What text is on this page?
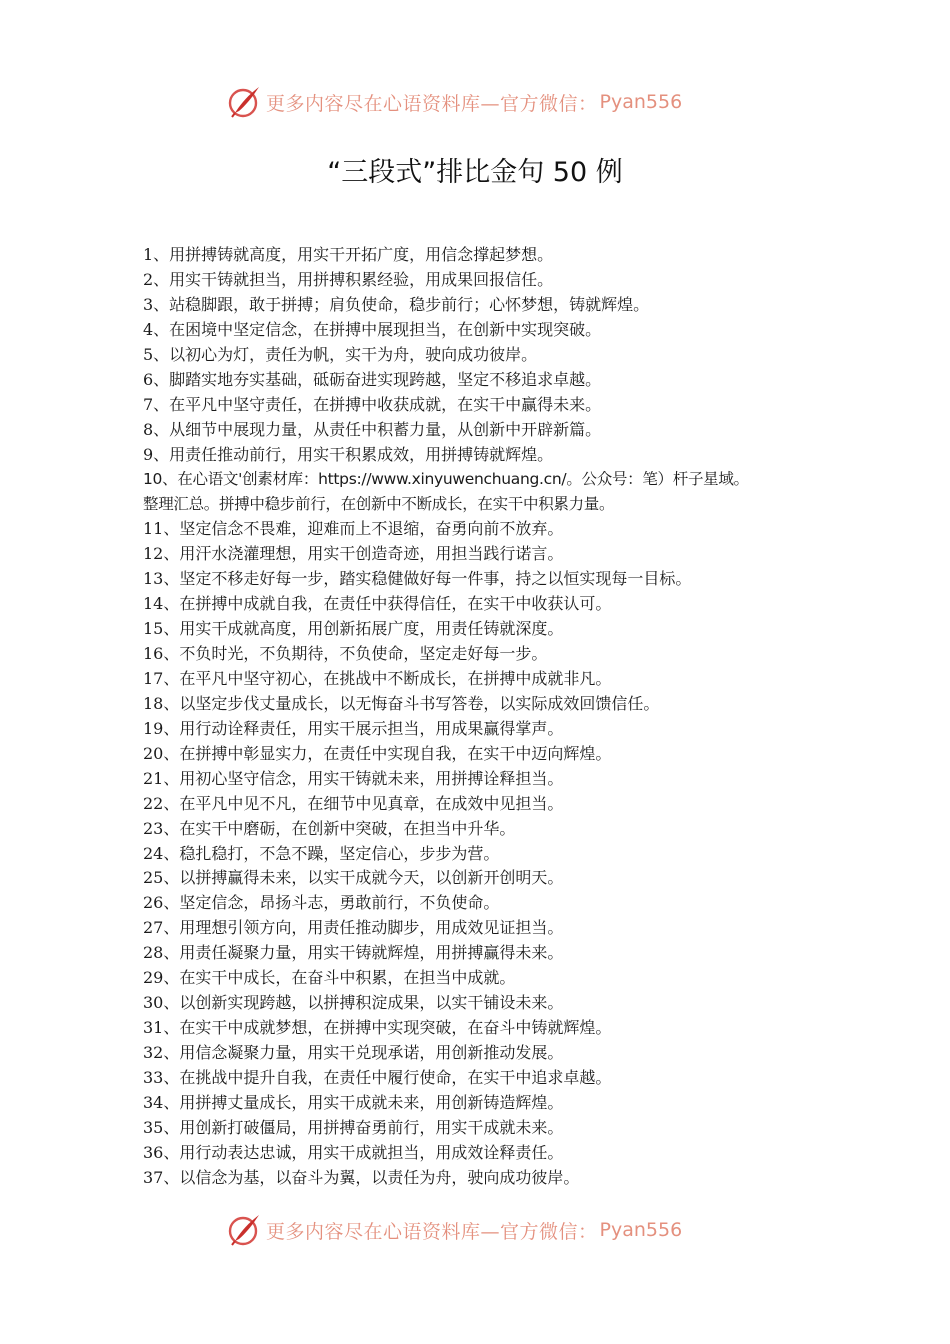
更多内容尽在心语资料库—官方微信： Pyan556
“三段式”排比金句 50 例
1、用拼搏铸就高度，用实干开拓广度，用信念撑起梦想。
2、用实干铸就担当，用拼搏积累经验，用成果回报信任。
3、站稳脚跟，敢于拼搏；肩负使命，稳步前行；心怀梦想，铸就辉煌。
4、在困境中坚定信念，在拼搏中展现担当，在创新中实现突破。
5、以初心为灯，责任为帆，实干为舟，驶向成功彼岸。
6、脚踏实地夯实基础，砥砺奋进实现跨越，坚定不移追求卓越。
7、在平凡中坚守责任，在拼搏中收获成就，在实干中赢得未来。
8、从细节中展现力量，从责任中积蓄力量，从创新中开辟新篇。
9、用责任推动前行，用实干积累成效，用拼搏铸就辉煌。
10、在心语文'创素材库：https://www.xinyuwenchuang.cn/。公众号：笔）杆子星域。
整理汇总。拼搏中稳步前行，在创新中不断成长，在实干中积累力量。
11、坚定信念不畏难，迎难而上不退缩，奋勇向前不放弃。
12、用汗水浇灌理想，用实干创造奇迹，用担当践行诺言。
13、坚定不移走好每一步，踏实稳健做好每一件事，持之以恒实现每一目标。
14、在拼搏中成就自我，在责任中获得信任，在实干中收获认可。
15、用实干成就高度，用创新拓展广度，用责任铸就深度。
16、不负时光，不负期待，不负使命，坚定走好每一步。
17、在平凡中坚守初心，在挑战中不断成长，在拼搏中成就非凡。
18、以坚定步伐丈量成长，以无悔奋斗书写答卷，以实际成效回馈信任。
19、用行动诠释责任，用实干展示担当，用成果赢得掌声。
20、在拼搏中彰显实力，在责任中实现自我，在实干中迈向辉煌。
21、用初心坚守信念，用实干铸就未来，用拼搏诠释担当。
22、在平凡中见不凡，在细节中见真章，在成效中见担当。
23、在实干中磨砺，在创新中突破，在担当中升华。
24、稳扎稳打，不急不躁，坚定信心，步步为营。
25、以拼搏赢得未来，以实干成就今天，以创新开创明天。
26、坚定信念，昂扬斗志，勇敢前行，不负使命。
27、用理想引领方向，用责任推动脚步，用成效见证担当。
28、用责任凝聚力量，用实干铸就辉煌，用拼搏赢得未来。
29、在实干中成长，在奋斗中积累，在担当中成就。
30、以创新实现跨越，以拼搏积淀成果，以实干铺设未来。
31、在实干中成就梦想，在拼搏中实现突破，在奋斗中铸就辉煌。
32、用信念凝聚力量，用实干兑现承诺，用创新推动发展。
33、在挑战中提升自我，在责任中履行使命，在实干中追求卓越。
34、用拼搏丈量成长，用实干成就未来，用创新铸造辉煌。
35、用创新打破僵局，用拼搏奋勇前行，用实干成就未来。
36、用行动表达忠诚，用实干成就担当，用成效诠释责任。
37、以信念为基，以奋斗为翼，以责任为舟，驶向成功彼岸。
更多内容尽在心语资料库—官方微信： Pyan556
